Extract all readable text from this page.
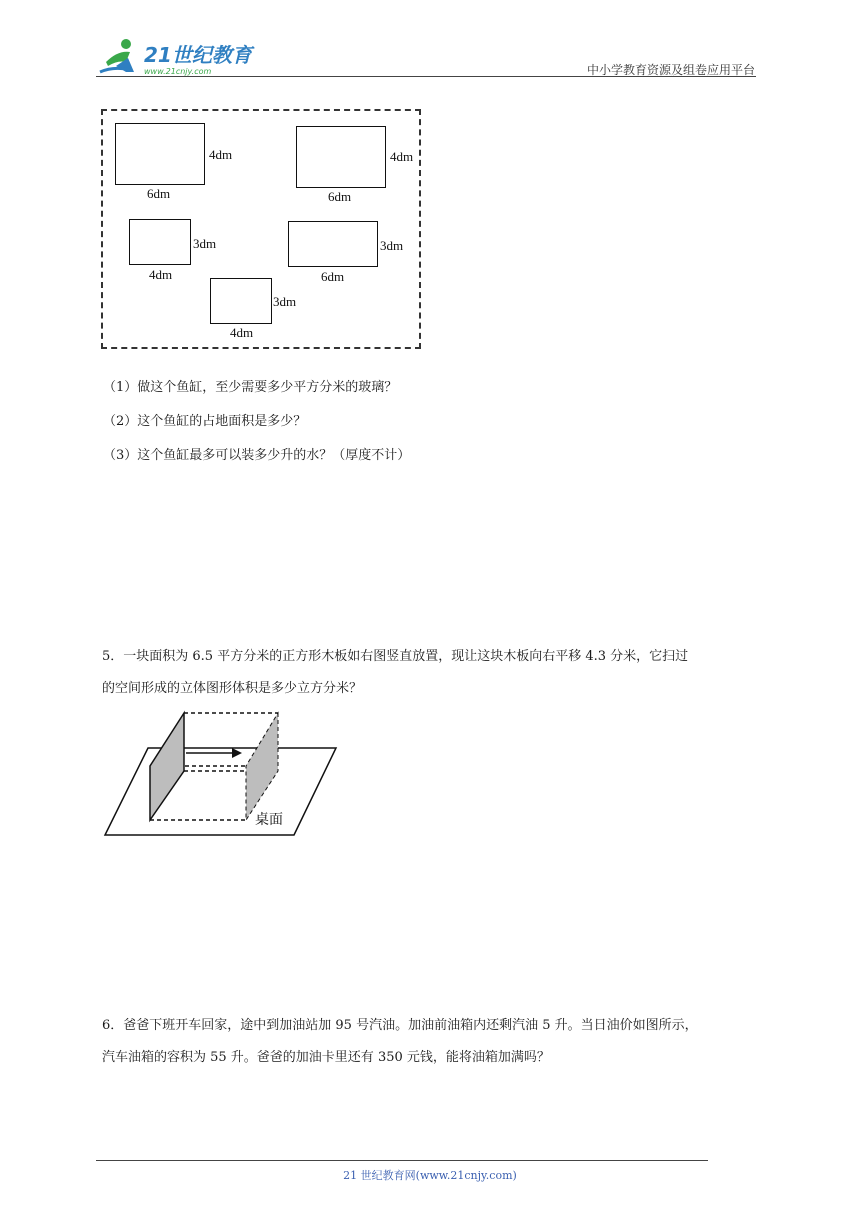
21世纪教育
www.21cnjy.com	中小学教育资源及组卷应用平台
4dm
6dm
4dm
6dm
3dm
4dm
3dm
6dm
3dm
4dm
（1）做这个鱼缸，至少需要多少平方分米的玻璃？
（2）这个鱼缸的占地面积是多少？
（3）这个鱼缸最多可以装多少升的水？（厚度不计）
5．一块面积为 6.5 平方分米的正方形木板如右图竖直放置，现让这块木板向右平移 4.3 分米，它扫过
的空间形成的立体图形体积是多少立方分米？
桌面
6．爸爸下班开车回家，途中到加油站加 95 号汽油。加油前油箱内还剩汽油 5 升。当日油价如图所示，
汽车油箱的容积为 55 升。爸爸的加油卡里还有 350 元钱，能将油箱加满吗？
21 世纪教育网(www.21cnjy.com)
